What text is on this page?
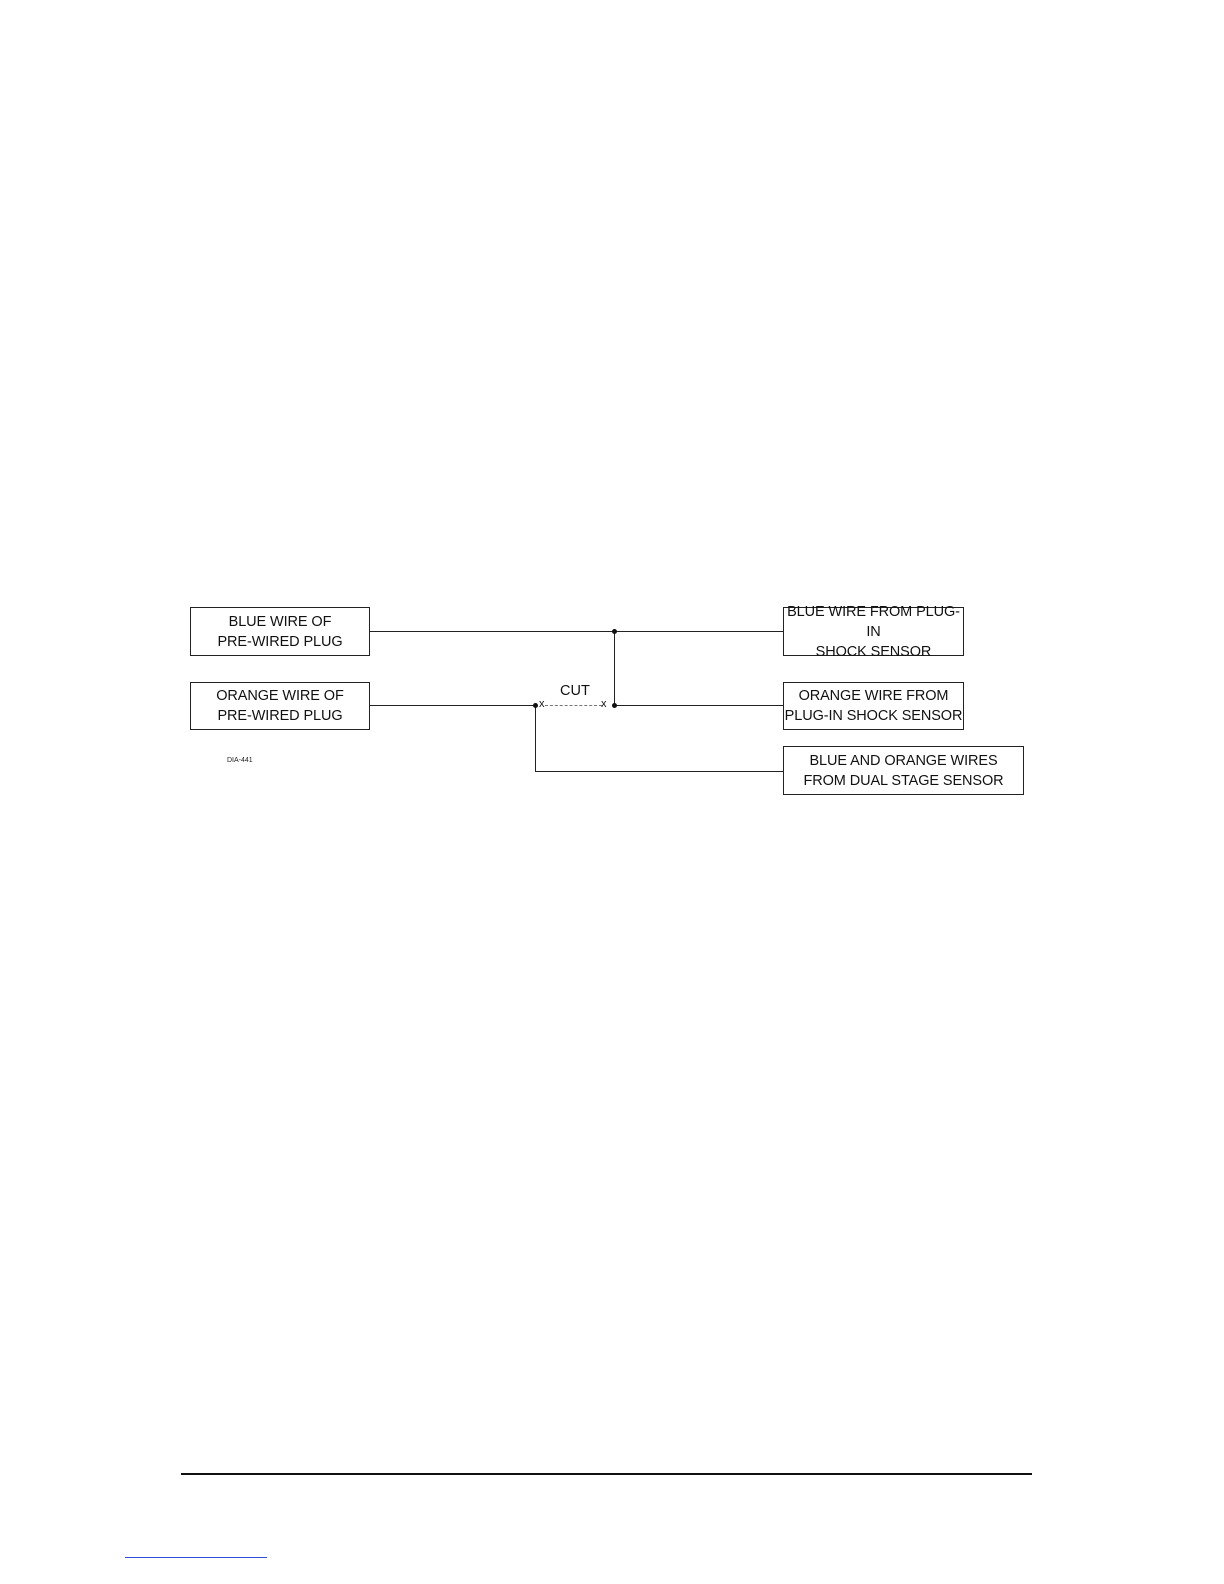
BLUE WIRE OF
PRE-WIRED PLUG
ORANGE WIRE OF
PRE-WIRED PLUG
BLUE WIRE FROM PLUG-IN
SHOCK SENSOR
ORANGE WIRE FROM
PLUG-IN SHOCK SENSOR
BLUE AND ORANGE WIRES
FROM DUAL STAGE SENSOR
x	x
CUT
DIA-441
